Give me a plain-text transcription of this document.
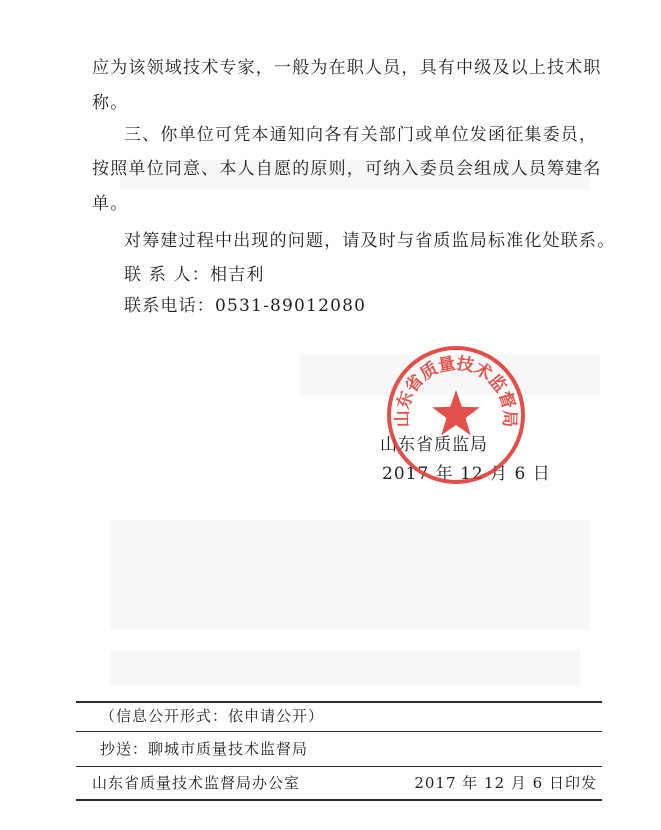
应为该领域技术专家，一般为在职人员，具有中级及以上技术职
称。
三、你单位可凭本通知向各有关部门或单位发函征集委员，
按照单位同意、本人自愿的原则，可纳入委员会组成人员筹建名
单。
对筹建过程中出现的问题，请及时与省质监局标准化处联系。
联 系 人：相吉利
联系电话：0531-89012080
山东省质监局
2017 年 12 月 6 日
山东省质量技术监督局
（信息公开形式：依申请公开）
抄送：聊城市质量技术监督局
山东省质量技术监督局办公室	2017 年 12 月 6 日印发
